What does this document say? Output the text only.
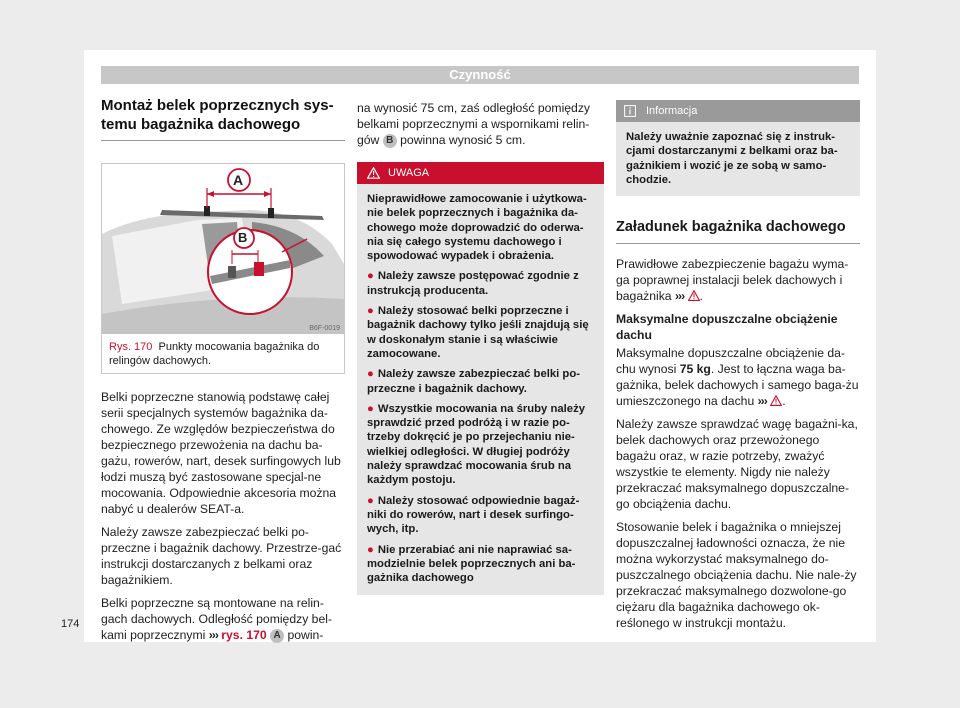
Czynność
Montaż belek poprzecznych sys-temu bagażnika dachowego
A
B
B6F-0019
Rys. 170 Punkty mocowania bagażnika do relingów dachowych.

Belki poprzeczne stanowią podstawę całej serii specjalnych systemów bagażnika da-chowego. Ze względów bezpieczeństwa do bezpiecznego przewożenia na dachu ba-gażu, rowerów, nart, desek surfingowych lub łodzi muszą być zastosowane specjal-ne mocowania. Odpowiednie akcesoria można nabyć u dealerów SEAT-a.

Należy zawsze zabezpieczać belki po-przeczne i bagażnik dachowy. Przestrze-gać instrukcji dostarczanych z belkami oraz bagażnikiem.

Belki poprzeczne są montowane na relin-gach dachowych. Odległość pomiędzy bel-kami poprzecznymi ››› rys. 170 A powin-

na wynosić 75 cm, zaś odległość pomiędzy belkami poprzecznymi a wspornikami relin-gów B powinna wynosić 5 cm.

UWAGA

Nieprawidłowe zamocowanie i użytkowa-nie belek poprzecznych i bagażnika da-chowego może doprowadzić do oderwa-nia się całego systemu dachowego i spowodować wypadek i obrażenia.

● Należy zawsze postępować zgodnie z instrukcją producenta.

● Należy stosować belki poprzeczne i bagażnik dachowy tylko jeśli znajdują się w doskonałym stanie i są właściwie zamocowane.

● Należy zawsze zabezpieczać belki po-przeczne i bagażnik dachowy.

● Wszystkie mocowania na śruby należy sprawdzić przed podróżą i w razie po-trzeby dokręcić je po przejechaniu nie-wielkiej odległości. W długiej podróży należy sprawdzać mocowania śrub na każdym postoju.

● Należy stosować odpowiednie bagaż-niki do rowerów, nart i desek surfingo-wych, itp.

● Nie przerabiać ani nie naprawiać sa-modzielnie belek poprzecznych ani ba-gażnika dachowego

Informacja
Należy uważnie zapoznać się z instruk-cjami dostarczanymi z belkami oraz ba-gażnikiem i wozić je ze sobą w samo-chodzie.
Załadunek bagażnika dachowego

Prawidłowe zabezpieczenie bagażu wyma-ga poprawnej instalacji belek dachowych i bagażnika ››› .

Maksymalne dopuszczalne obciążenie dachu

Maksymalne dopuszczalne obciążenie da-chu wynosi 75 kg. Jest to łączna waga ba-gażnika, belek dachowych i samego baga-żu umieszczonego na dachu ››› .

Należy zawsze sprawdzać wagę bagażni-ka, belek dachowych oraz przewożonego bagażu oraz, w razie potrzeby, zważyć wszystkie te elementy. Nigdy nie należy przekraczać maksymalnego dopuszczalne-go obciążenia dachu.

Stosowanie belek i bagażnika o mniejszej dopuszczalnej ładowności oznacza, że nie można wykorzystać maksymalnego do-puszczalnego obciążenia dachu. Nie nale-ży przekraczać maksymalnego dozwolone-go ciężaru dla bagażnika dachowego ok-reślonego w instrukcji montażu.

174
